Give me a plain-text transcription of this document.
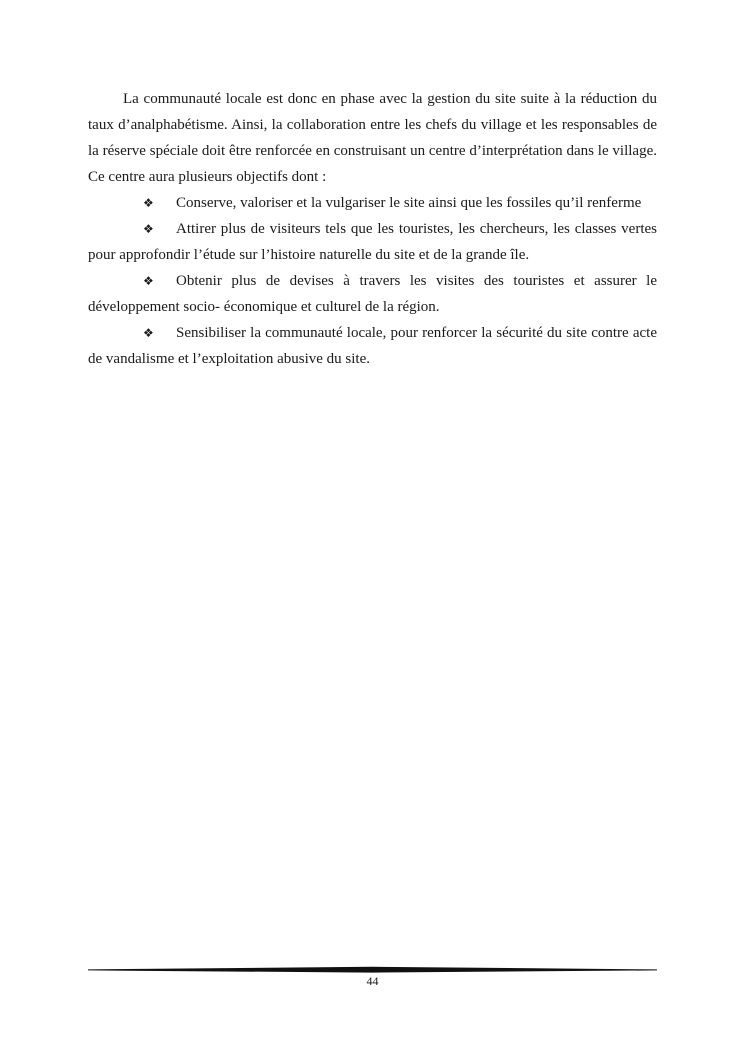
La communauté locale est donc en phase avec la gestion du site suite à la réduction du taux d’analphabétisme. Ainsi, la collaboration entre les chefs du village et les responsables de la réserve spéciale doit être renforcée en construisant un centre d’interprétation dans le village. Ce centre aura plusieurs objectifs dont :

❖ Conserve, valoriser et la vulgariser le site ainsi que les fossiles qu’il renferme

❖ Attirer plus de visiteurs tels que les touristes, les chercheurs, les classes vertes pour approfondir l’étude sur l’histoire naturelle du site et de la grande île.

❖ Obtenir plus de devises à travers les visites des touristes et assurer le développement socio- économique et culturel de la région.

❖ Sensibiliser la communauté locale, pour renforcer la sécurité du site contre acte de vandalisme et l’exploitation abusive du site.

44
